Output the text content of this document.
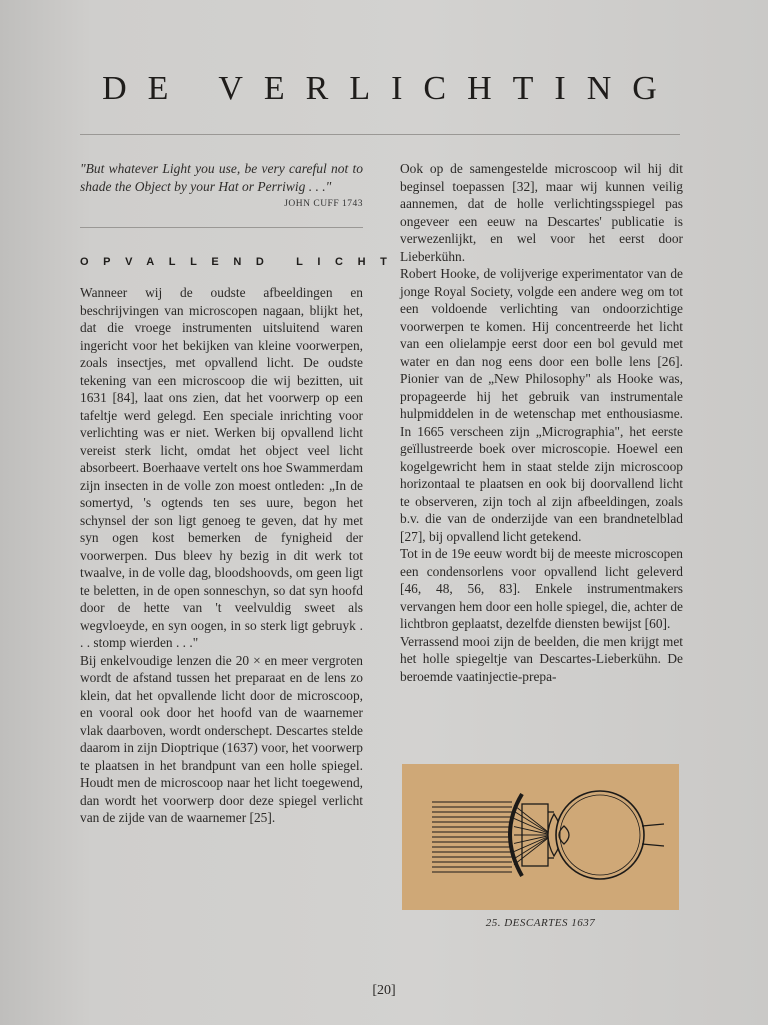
DE VERLICHTING
"But whatever Light you use, be very careful not to shade the Object by your Hat or Perriwig . . ."
JOHN CUFF 1743
OPVALLEND LICHT

Wanneer wij de oudste afbeeldingen en beschrijvingen van microscopen nagaan, blijkt het, dat die vroege instrumenten uitsluitend waren ingericht voor het bekijken van kleine voorwerpen, zoals insectjes, met opvallend licht. De oudste tekening van een microscoop die wij bezitten, uit 1631 [84], laat ons zien, dat het voorwerp op een tafeltje werd gelegd. Een speciale inrichting voor verlichting was er niet. Werken bij opvallend licht vereist sterk licht, omdat het object veel licht absorbeert. Boerhaave vertelt ons hoe Swammerdam zijn insecten in de volle zon moest ontleden: „In de somertyd, 's ogtends ten ses uure, begon het schynsel der son ligt genoeg te geven, dat hy met syn ogen kost bemerken de fynigheid der voorwerpen. Dus bleev hy bezig in dit werk tot twaalve, in de volle dag, bloodshoovds, om geen ligt te beletten, in de open sonneschyn, so dat syn hoofd door de hette van 't veelvuldig sweet als wegvloeyde, en syn oogen, in so sterk ligt gebruyk . . . stomp wierden . . ."

Bij enkelvoudige lenzen die 20 × en meer vergroten wordt de afstand tussen het preparaat en de lens zo klein, dat het opvallende licht door de microscoop, en vooral ook door het hoofd van de waarnemer vlak daarboven, wordt onderschept. Descartes stelde daarom in zijn Dioptrique (1637) voor, het voorwerp te plaatsen in het brandpunt van een holle spiegel. Houdt men de microscoop naar het licht toegewend, dan wordt het voorwerp door deze spiegel verlicht van de zijde van de waarnemer [25].

Ook op de samengestelde microscoop wil hij dit beginsel toepassen [32], maar wij kunnen veilig aannemen, dat de holle verlichtingsspiegel pas ongeveer een eeuw na Descartes' publicatie is verwezenlijkt, en wel voor het eerst door Lieberkühn.

Robert Hooke, de volijverige experimentator van de jonge Royal Society, volgde een andere weg om tot een voldoende verlichting van ondoorzichtige voorwerpen te komen. Hij concentreerde het licht van een olielampje eerst door een bol gevuld met water en dan nog eens door een bolle lens [26]. Pionier van de „New Philosophy" als Hooke was, propageerde hij het gebruik van instrumentale hulpmiddelen in de wetenschap met enthousiasme. In 1665 verscheen zijn „Micrographia", het eerste geïllustreerde boek over microscopie. Hoewel een kogelgewricht hem in staat stelde zijn microscoop horizontaal te plaatsen en ook bij doorvallend licht te observeren, zijn toch al zijn afbeeldingen, zoals b.v. die van de onderzijde van een brandnetelblad [27], bij opvallend licht getekend.

Tot in de 19e eeuw wordt bij de meeste microscopen een condensorlens voor opvallend licht geleverd [46, 48, 56, 83]. Enkele instrumentmakers vervangen hem door een holle spiegel, die, achter de lichtbron geplaatst, dezelfde diensten bewijst [60].

Verrassend mooi zijn de beelden, die men krijgt met het holle spiegeltje van Descartes-Lieberkühn. De beroemde vaatinjectie-prepa-

25. DESCARTES 1637
[20]
